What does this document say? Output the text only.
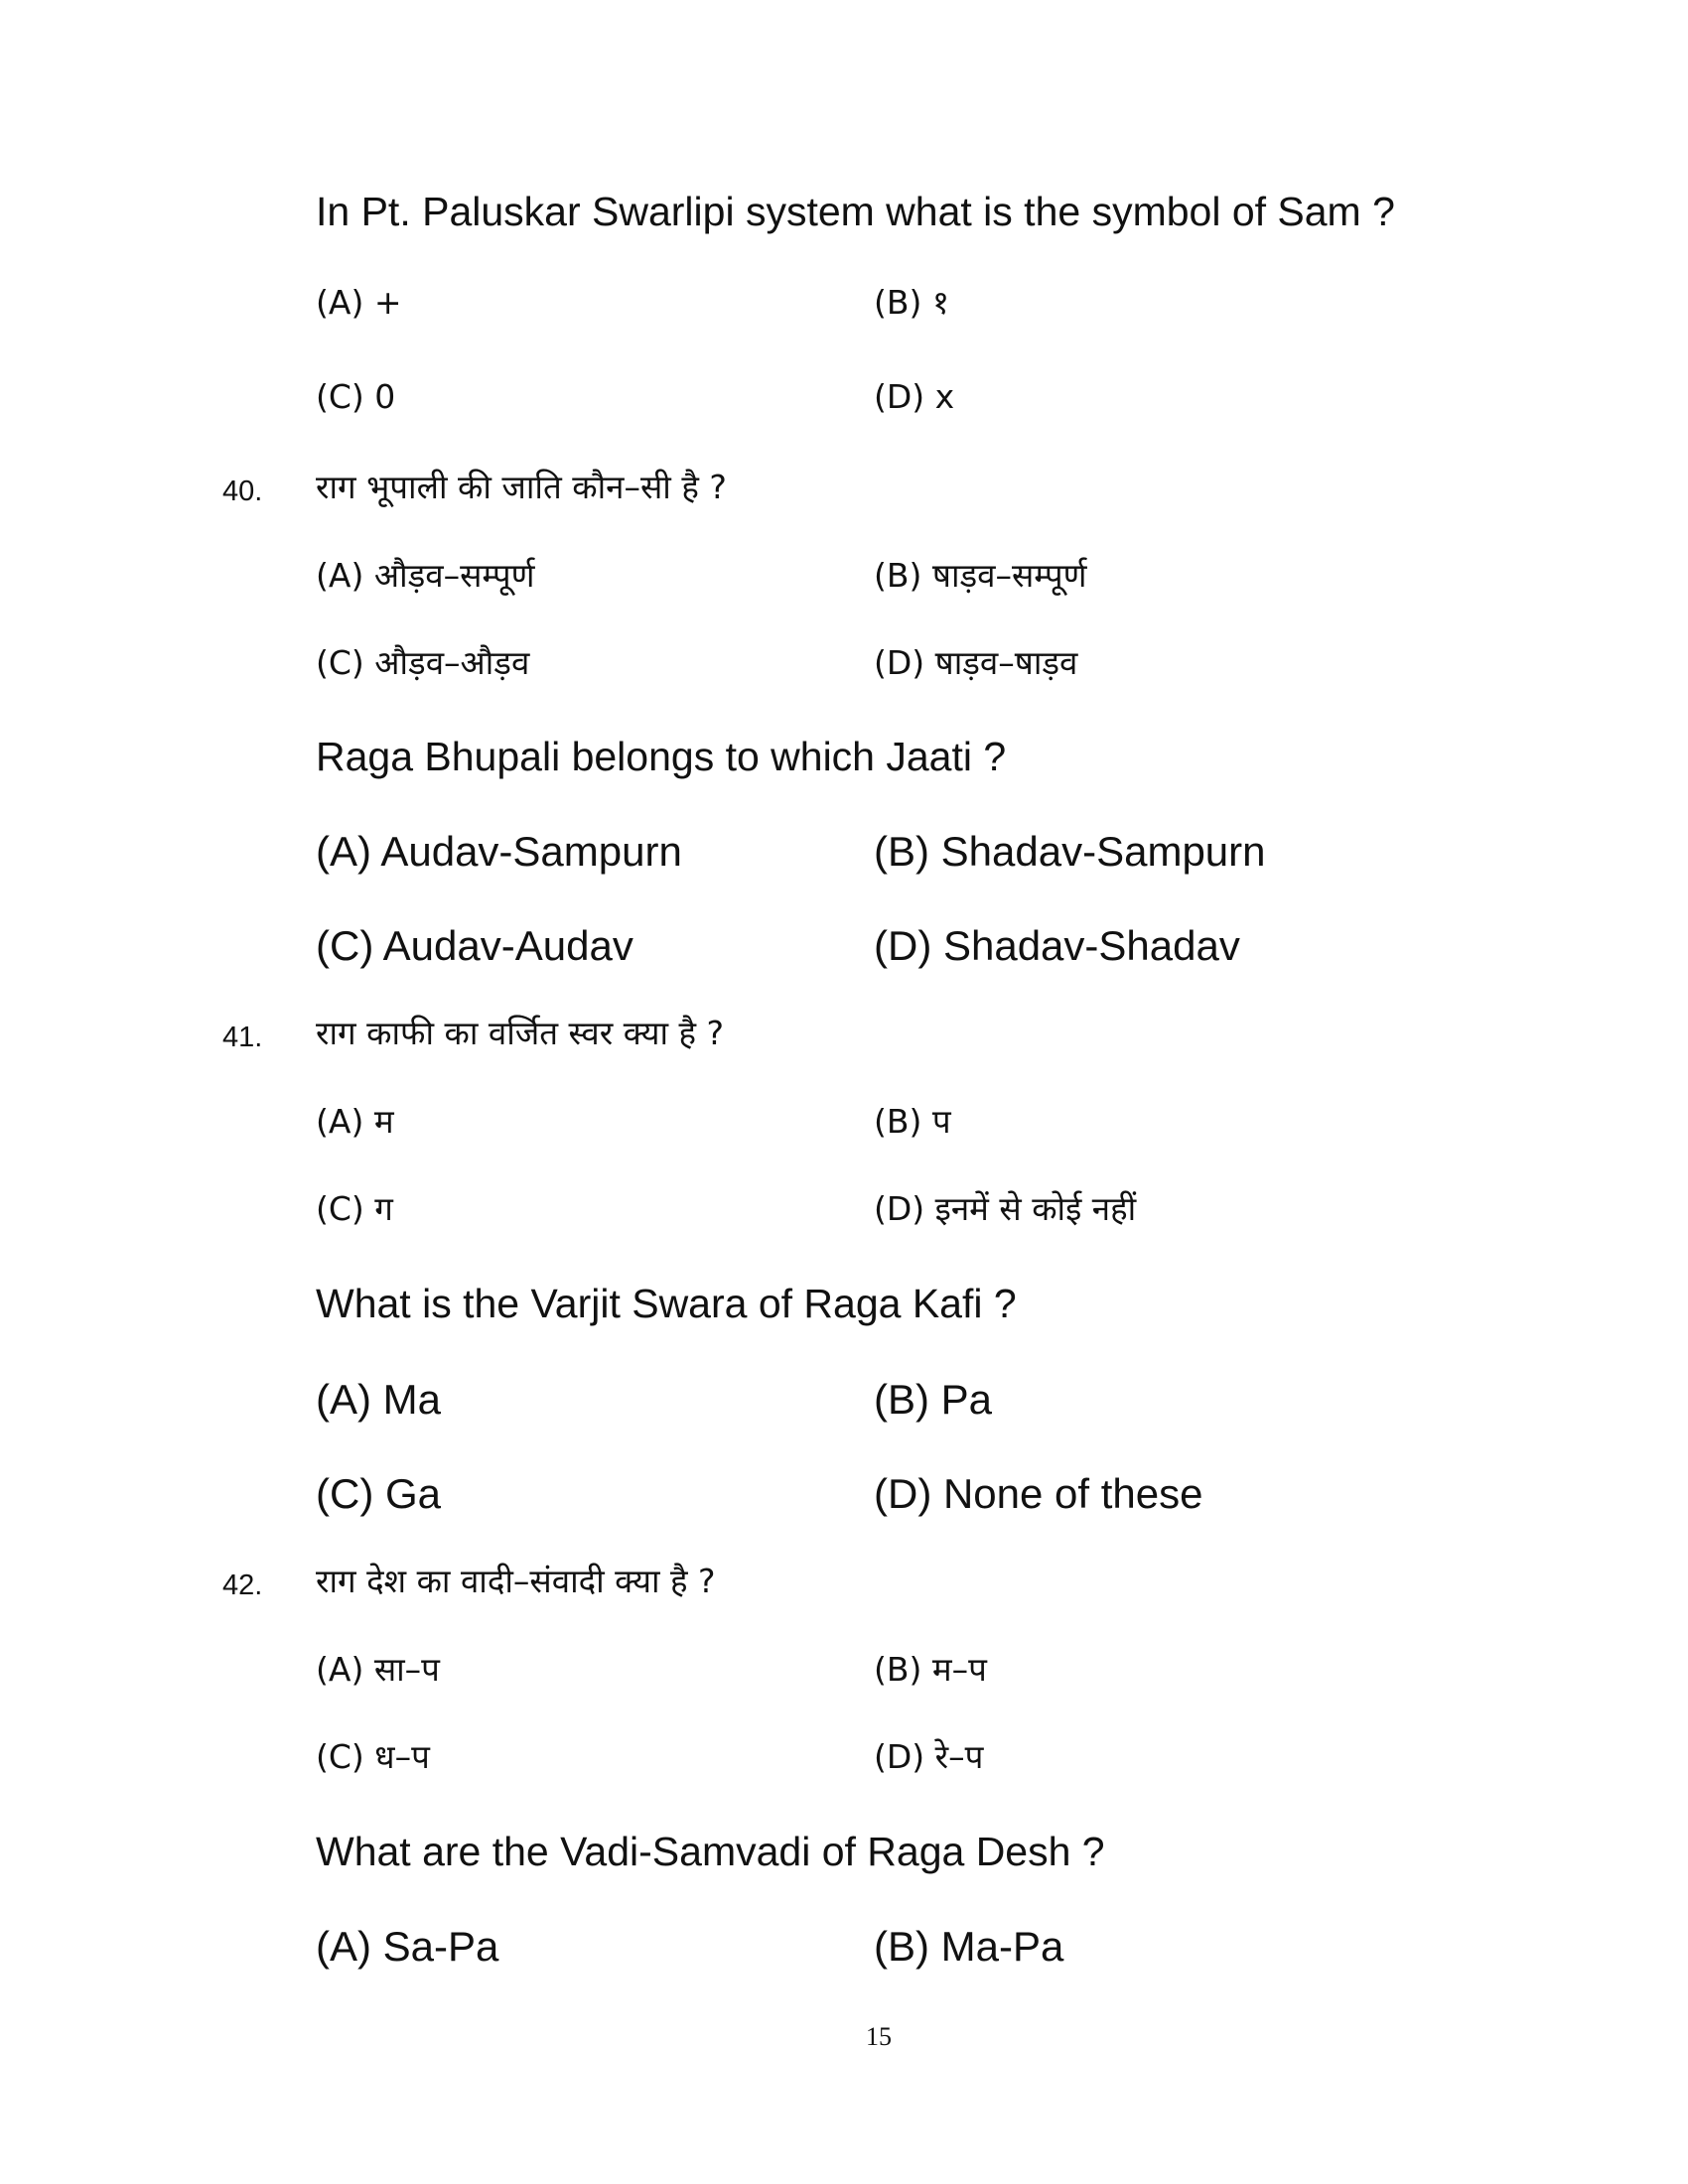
In Pt. Paluskar Swarlipi system what is the symbol of Sam ?
(A) +	(B) १
(C) 0	(D) x
40. राग भूपाली की जाति कौन–सी है ?
(A) औड़व–सम्पूर्ण	(B) षाड़व–सम्पूर्ण
(C) औड़व–औड़व	(D) षाड़व–षाड़व
Raga Bhupali belongs to which Jaati ?
(A) Audav-Sampurn	(B) Shadav-Sampurn
(C) Audav-Audav	(D) Shadav-Shadav
41. राग काफी का वर्जित स्वर क्या है ?
(A) म	(B) प
(C) ग	(D) इनमें से कोई नहीं
What is the Varjit Swara of Raga Kafi ?
(A) Ma	(B) Pa
(C) Ga	(D) None of these
42. राग देश का वादी–संवादी क्या है ?
(A) सा–प	(B) म–प
(C) ध–प	(D) रे–प
What are the Vadi-Samvadi of Raga Desh ?
(A) Sa-Pa	(B) Ma-Pa
15
